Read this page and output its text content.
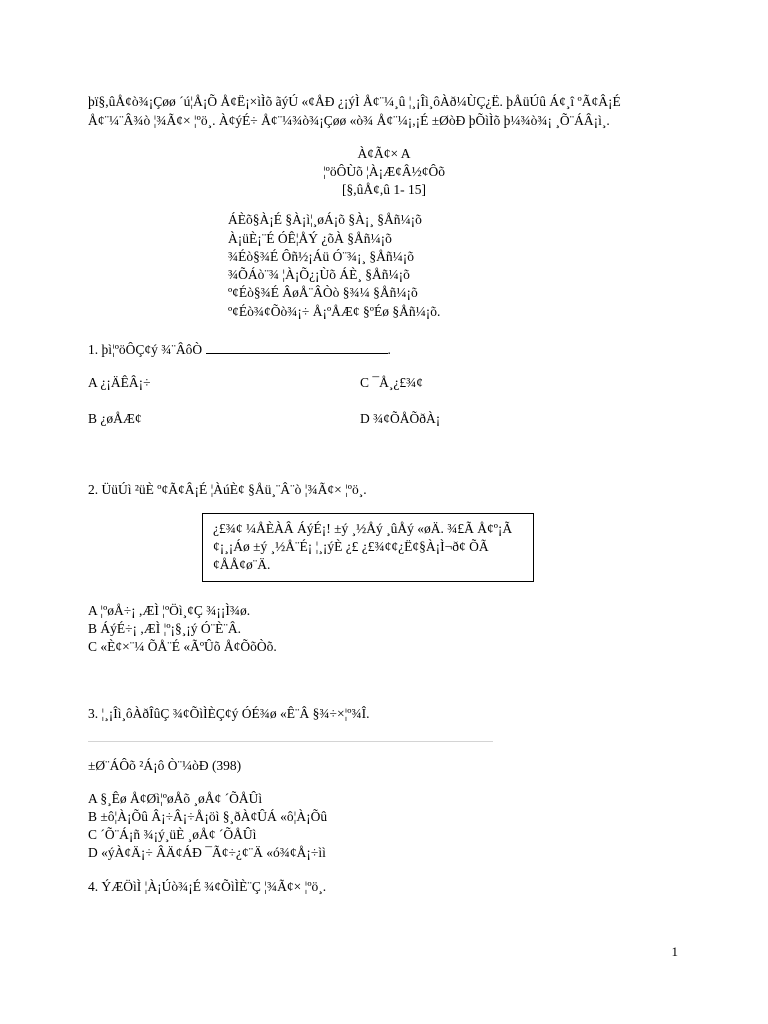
þï§,ûÅ¢ò¾¡Çøø ´ú¦Å¡Õ Å¢Ë¡×ìÌõ ãýÚ «¢ÅÐ ¿¡ýÌ Å¢¨¼¸û ¦¸¡Îì¸ôÀð¼ÙÇ¿Ë. þÅüÚû Á¢¸î ºÃ¢Â¡É
Å¢¨¼¨Â¾ò ¦¾Ã¢× ¦ºö¸. À¢ýÉ÷ Å¢¨¼¾ò¾¡Çøø «ò¾ Å¢¨¼¡,¡É ±ØòÐ þÕìÌõ þ¼¾ò¾¡ ¸Õ¨ÁÂ¡ì¸.
À¢Ã¢× A
¦ºöÔÙõ ¦À¡Æ¢Â½¢Ôõ
[§,ûÅ¢,û 1- 15]
ÁÈõ§À¡É §À¡ì¦¸øÁ¡õ §À¡¸ §Åñ¼¡õ
À¡üÈ¡¨É ÓÊ¦ÅÝ ¿õÀ §Åñ¼¡õ
¾Éò§¾É Ôñ½¡Áü Ó¨¾¡¸ §Åñ¼¡õ
¾ÕÁò¨¾ ¦À¡Õ¿¡Ùõ ÁÈ¸ §Åñ¼¡õ
º¢Éò§¾É ÂøÅ¨ÂÒò §¾¼ §Åñ¼¡õ
º¢Éò¾¢Õò¾¡÷ Å¡ºÅÆ¢ §ºÉø §Åñ¼¡õ.
1. þì¦ºöÔÇ¢ý ¾¨ÂôÒ	.
A ¿¡ÄÊÂ¡÷	C ¯Å¸¿£¾¢
B ¿øÅÆ¢	D ¾¢ÕÅÕðÀ¡
2. ÜüÚì ²üÈ º¢Ã¢Â¡É ¦ÀúÈ¢ §Åü¸¨Â¨ò ¦¾Ã¢× ¦ºö¸.
¿£¾¢ ¼ÅÈÀÂ ÁýÉ¡! ±ý ¸½Åý ¸ûÅý «øÄ. ¾£Ã Å¢º¡Ã
¢¡¸¡Áø ±ý ¸½Å¨É¡ ¦¸¡ýÈ ¿£ ¿£¾¢¢¿Ë¢§À¡Ì¬ð¢ ÕÃ
¢ÅÅ¢ø¨Ä.
A ¦ºøÅ÷¡ ,ÆÌ ¦ºÖì¸¢Ç ¾¡¡Ì¾ø.
B ÁýÉ÷¡ ,ÆÌ ¦º¡§¸¡ý Ó¨È¨Â.
C «È¢×¨¼ ÕÅ¨É «ÃºÛõ Å¢ÕõÒõ.
3. ¦¸¡Îì¸ôÀðÎûÇ ¾¢ÕìÌÈÇ¢ý ÓÉ¾ø «Ê¨Â §¾÷×¦º¾Î.
±Ø¨ÁÔõ ²Á¡ô Ò¨¼òÐ (398)
A §¸Êø Å¢Øì¦ºøÅõ ¸øÅ¢ ´ÕÅÛì
B ±ô¦À¡Õû Â¡÷Â¡÷Å¡öì §¸ðÀ¢ÛÁ «ô¦À¡Õû
C ´Õ¨Á¡ñ ¾¡ý¸üÈ ¸øÅ¢ ´ÕÅÛì
D «ýÀ¢Ä¡÷ ÂÄ¢ÁÐ ¯Ã¢÷¿¢¨Ä «ó¾¢Å¡÷ìì
4. ÝÆÖìÌ ¦À¡Úò¾¡É ¾¢ÕìÌÈ¨Ç ¦¾Ã¢× ¦ºö¸.
1
